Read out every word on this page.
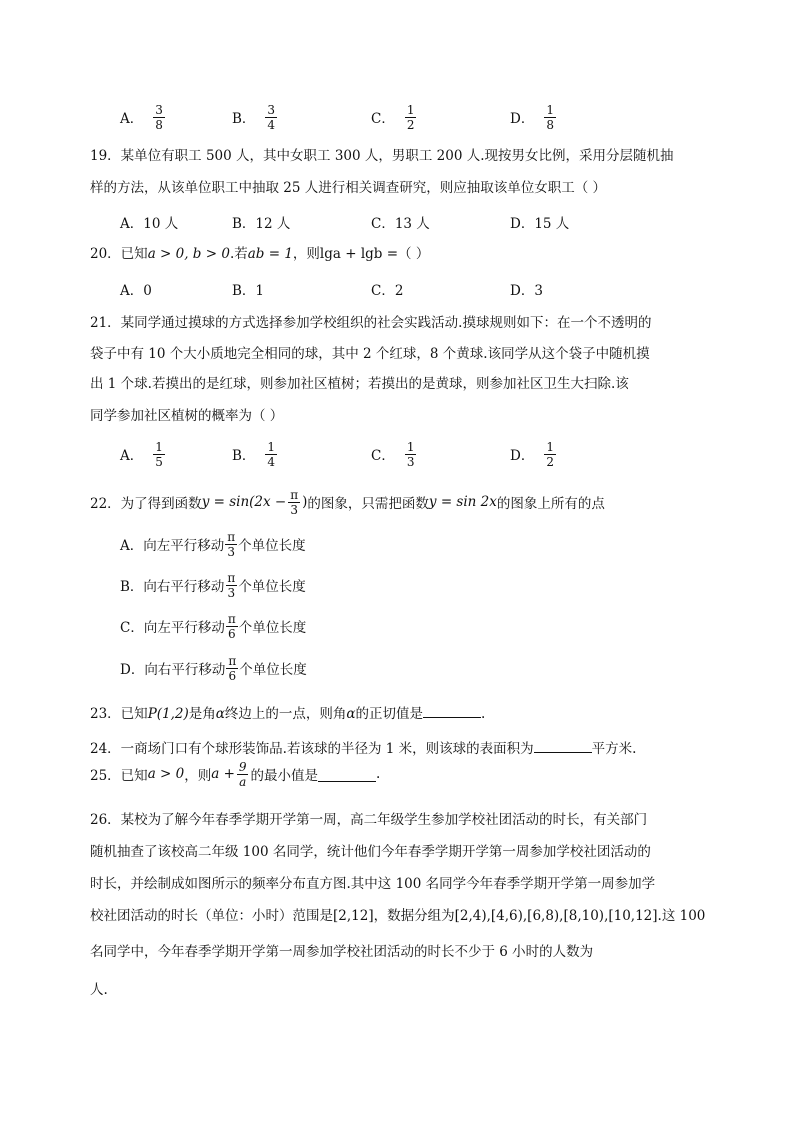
A． $\frac{3}{8}$	B． $\frac{3}{4}$	C． $\frac{1}{2}$	D． $\frac{1}{8}$
19．某单位有职工 500 人，其中女职工 300 人，男职工 200 人.现按男女比例，采用分层随机抽
样的方法，从该单位职工中抽取 25 人进行相关调查研究，则应抽取该单位女职工（ ）
A．10 人	B．12 人	C．13 人	D．15 人
20．已知a > 0, b > 0.若ab = 1，则lga + lgb =（ ）
A．0	B．1	C．2	D．3
21．某同学通过摸球的方式选择参加学校组织的社会实践活动.摸球规则如下：在一个不透明的
袋子中有 10 个大小质地完全相同的球，其中 2 个红球，8 个黄球.该同学从这个袋子中随机摸
出 1 个球.若摸出的是红球，则参加社区植树；若摸出的是黄球，则参加社区卫生大扫除.该
同学参加社区植树的概率为（ ）
A． $\frac{1}{5}$	B． $\frac{1}{4}$	C． $\frac{1}{3}$	D． $\frac{1}{2}$
22．为了得到函数 $y = \sin(2x - \frac{\pi}{3}$ ) 的图象，只需把函数 y = sin 2x 的图象上所有的点
A．向左平行移动 $\frac{\pi}{3}$ 个单位长度
B．向右平行移动 $\frac{\pi}{3}$ 个单位长度
C．向左平行移动 $\frac{\pi}{6}$ 个单位长度
D．向右平行移动 $\frac{\pi}{6}$ 个单位长度
23．已知P(1,2)是角α终边上的一点，则角α的正切值是	.
24．一商场门口有个球形装饰品.若该球的半径为 1 米，则该球的表面积为	平方米.
25．已知 a > 0 ，则 $a + \frac{9}{a}$ 的最小值是	.
26．某校为了解今年春季学期开学第一周，高二年级学生参加学校社团活动的时长，有关部门
随机抽查了该校高二年级 100 名同学，统计他们今年春季学期开学第一周参加学校社团活动的
时长，并绘制成如图所示的频率分布直方图.其中这 100 名同学今年春季学期开学第一周参加学
校社团活动的时长（单位：小时）范围是[2,12]，数据分组为[2,4),[4,6),[6,8),[8,10),[10,12].这 100
名同学中，今年春季学期开学第一周参加学校社团活动的时长不少于 6 小时的人数为
人.
